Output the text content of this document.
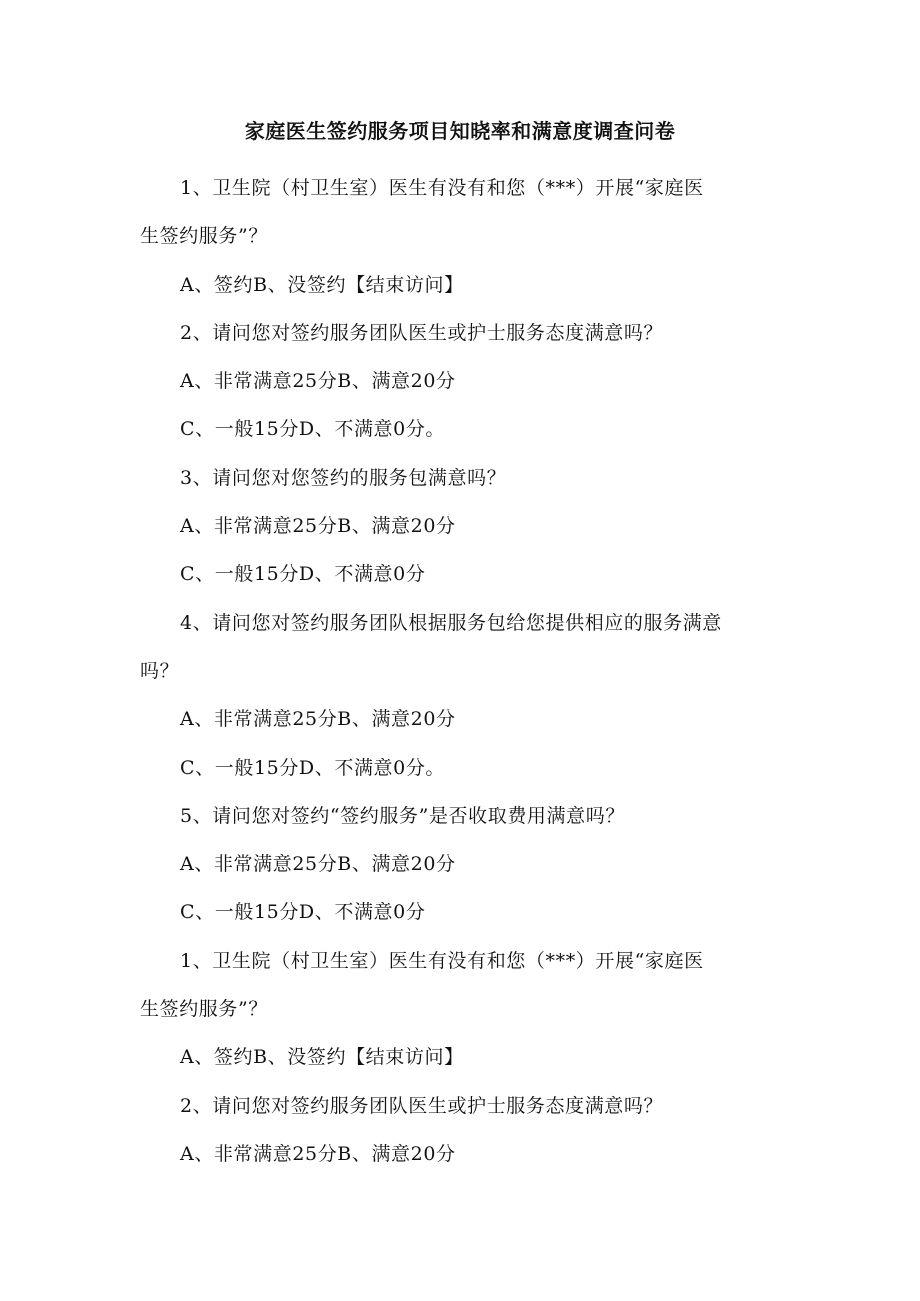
家庭医生签约服务项目知晓率和满意度调查问卷

1、卫生院（村卫生室）医生有没有和您（***）开展“家庭医

生签约服务”？

A、签约B、没签约【结束访问】

2、请问您对签约服务团队医生或护士服务态度满意吗？

A、非常满意25分B、满意20分

C、一般15分D、不满意0分。

3、请问您对您签约的服务包满意吗？

A、非常满意25分B、满意20分

C、一般15分D、不满意0分

4、请问您对签约服务团队根据服务包给您提供相应的服务满意

吗？

A、非常满意25分B、满意20分

C、一般15分D、不满意0分。

5、请问您对签约“签约服务”是否收取费用满意吗？

A、非常满意25分B、满意20分

C、一般15分D、不满意0分

1、卫生院（村卫生室）医生有没有和您（***）开展“家庭医

生签约服务”？

A、签约B、没签约【结束访问】

2、请问您对签约服务团队医生或护士服务态度满意吗？

A、非常满意25分B、满意20分
